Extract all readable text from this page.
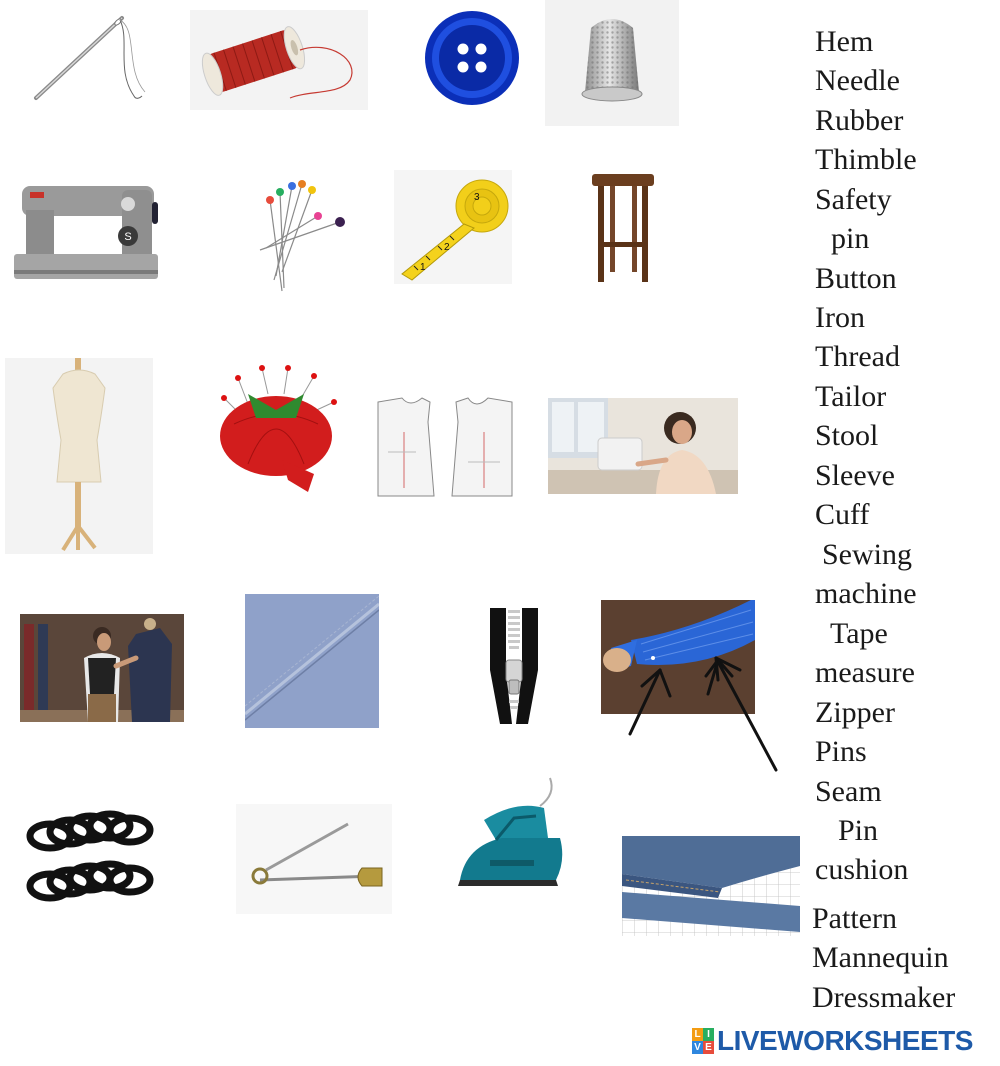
S
1
2
3
Hem
Needle
Rubber
Thimble
Safety
pin
Button
Iron
Thread
Tailor
Stool
Sleeve
Cuff
Sewing
machine
Tape
measure
Zipper
Pins
Seam
Pin
cushion
Pattern
Mannequin
Dressmaker
L I
V E LIVEWORKSHEETS
